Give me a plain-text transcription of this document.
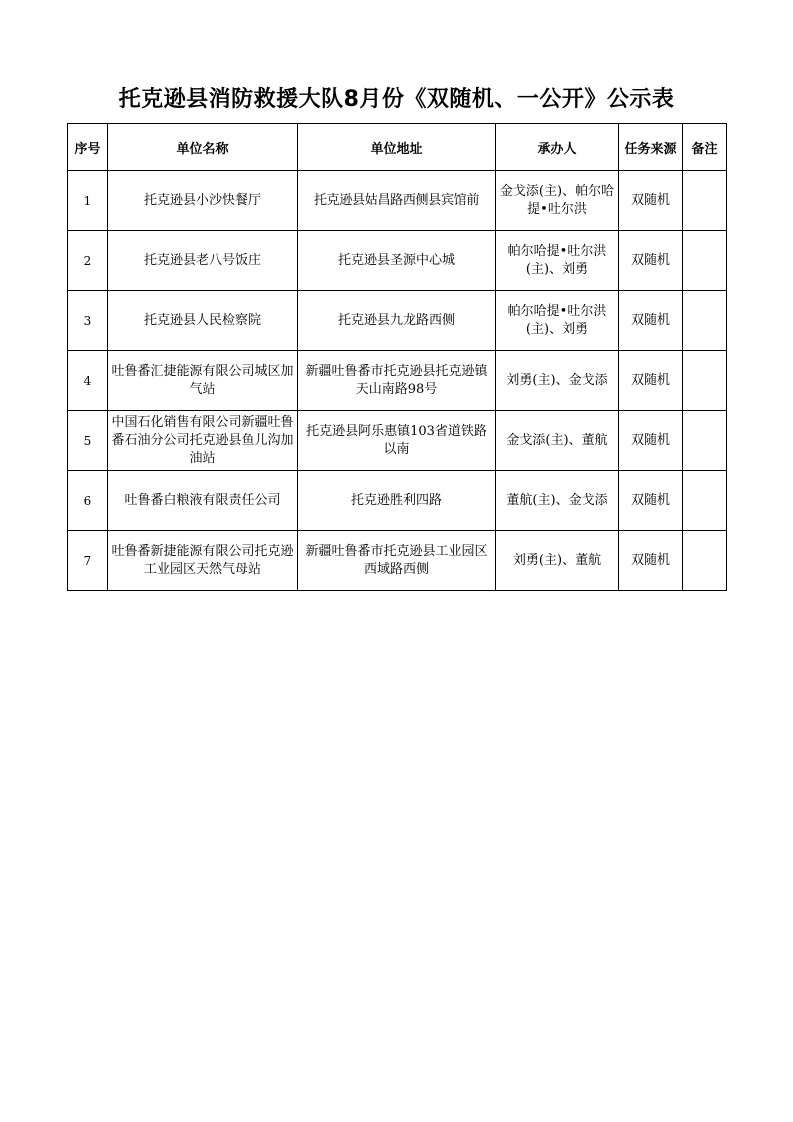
托克逊县消防救援大队8月份《双随机、一公开》公示表
序号	单位名称	单位地址	承办人	任务来源	备注
1	托克逊县小沙快餐厅	托克逊县姑昌路西侧县宾馆前	金戈添(主)、帕尔哈提•吐尔洪	双随机	
2	托克逊县老八号饭庄	托克逊县圣源中心城	帕尔哈提•吐尔洪(主)、刘勇	双随机	
3	托克逊县人民检察院	托克逊县九龙路西侧	帕尔哈提•吐尔洪(主)、刘勇	双随机	
4	吐鲁番汇捷能源有限公司城区加气站	新疆吐鲁番市托克逊县托克逊镇天山南路98号	刘勇(主)、金戈添	双随机	
5	中国石化销售有限公司新疆吐鲁番石油分公司托克逊县鱼儿沟加油站	托克逊县阿乐惠镇103省道铁路以南	金戈添(主)、董航	双随机	
6	吐鲁番白粮液有限责任公司	托克逊胜利四路	董航(主)、金戈添	双随机	
7	吐鲁番新捷能源有限公司托克逊工业园区天然气母站	新疆吐鲁番市托克逊县工业园区西域路西侧	刘勇(主)、董航	双随机	
